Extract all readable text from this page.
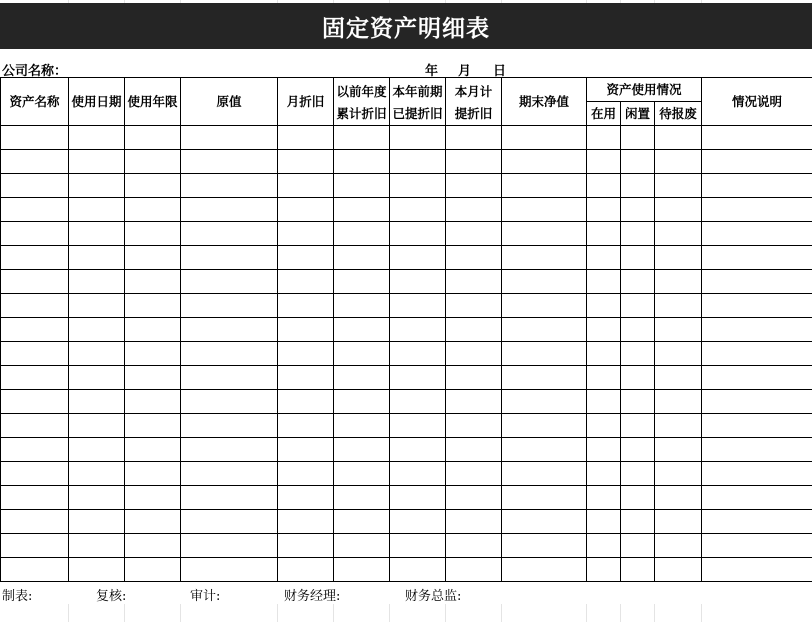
固定资产明细表
公司名称：	年 月 日
资产名称	使用日期	使用年限	原值	月折旧	以前年度累计折旧	本年前期已提折旧	本月计提折旧	期末净值	资产使用情况			情况说明
									在用	闲置	待报废	

制表:	复核:	审计:	财务经理:	财务总监:
